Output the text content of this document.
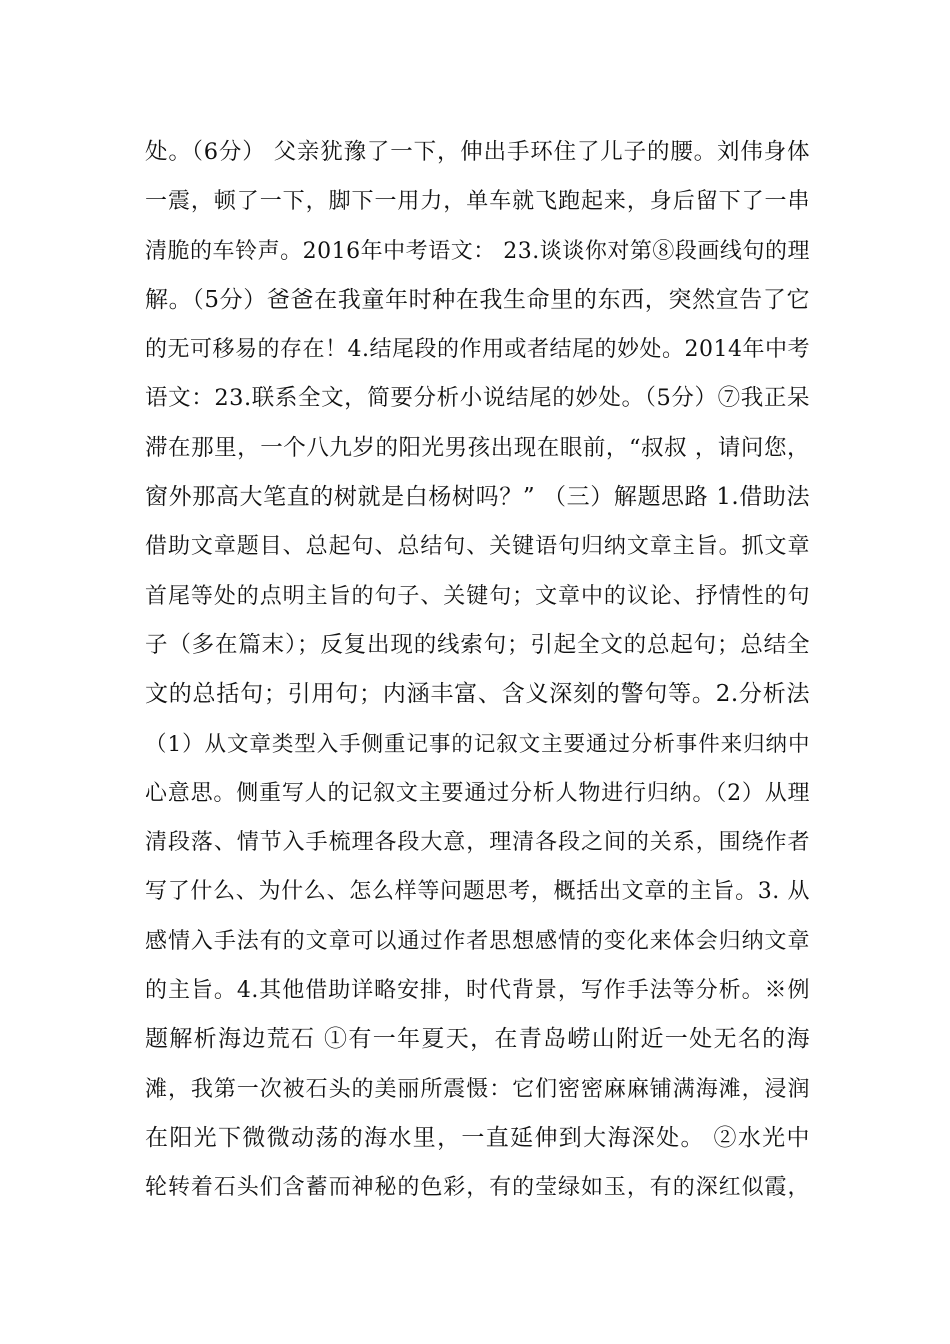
处。（6分） 父亲犹豫了一下，伸出手环住了儿子的腰。刘伟身体
一震，顿了一下，脚下一用力，单车就飞跑起来，身后留下了一串
清脆的车铃声。2016年中考语文： 23.谈谈你对第⑧段画线句的理
解。（5分）爸爸在我童年时种在我生命里的东西，突然宣告了它
的无可移易的存在！4.结尾段的作用或者结尾的妙处。2014年中考
语文：23.联系全文，简要分析小说结尾的妙处。（5分）⑦我正呆
滞在那里，一个八九岁的阳光男孩出现在眼前，“叔叔 ，请问您，
窗外那高大笔直的树就是白杨树吗？” （三）解题思路 1.借助法
借助文章题目、总起句、总结句、关键语句归纳文章主旨。抓文章
首尾等处的点明主旨的句子、关键句；文章中的议论、抒情性的句
子（多在篇末）；反复出现的线索句；引起全文的总起句；总结全
文的总括句；引用句；内涵丰富、含义深刻的警句等。2.分析法
（1）从文章类型入手侧重记事的记叙文主要通过分析事件来归纳中
心意思。侧重写人的记叙文主要通过分析人物进行归纳。（2）从理
清段落、情节入手梳理各段大意，理清各段之间的关系，围绕作者
写了什么、为什么、怎么样等问题思考，概括出文章的主旨。3. 从
感情入手法有的文章可以通过作者思想感情的变化来体会归纳文章
的主旨。4.其他借助详略安排，时代背景，写作手法等分析。※例
题解析海边荒石 ①有一年夏天，在青岛崂山附近一处无名的海
滩，我第一次被石头的美丽所震慑：它们密密麻麻铺满海滩，浸润
在阳光下微微动荡的海水里，一直延伸到大海深处。 ②水光中
轮转着石头们含蓄而神秘的色彩，有的莹绿如玉，有的深红似霞，
